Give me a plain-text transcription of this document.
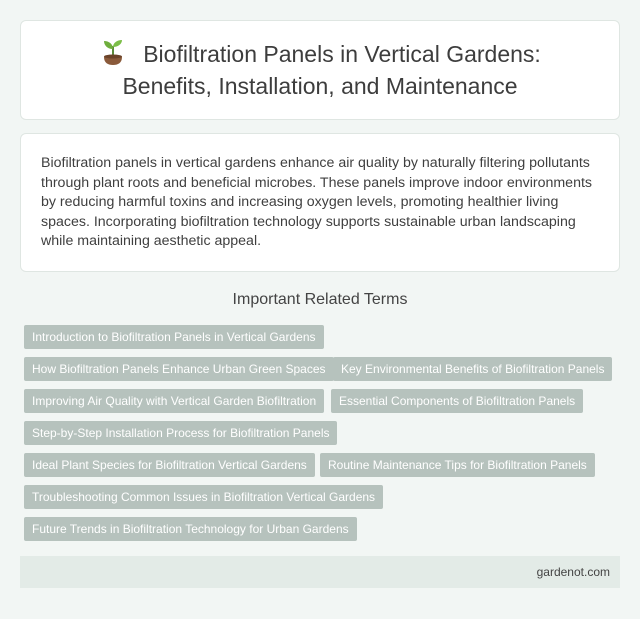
Biofiltration Panels in Vertical Gardens:
Benefits, Installation, and Maintenance

Biofiltration panels in vertical gardens enhance air quality by naturally filtering pollutants through plant roots and beneficial microbes. These panels improve indoor environments by reducing harmful toxins and increasing oxygen levels, promoting healthier living spaces. Incorporating biofiltration technology supports sustainable urban landscaping while maintaining aesthetic appeal.

Important Related Terms
Introduction to Biofiltration Panels in Vertical Gardens
How Biofiltration Panels Enhance Urban Green Spaces	Key Environmental Benefits of Biofiltration Panels
Improving Air Quality with Vertical Garden Biofiltration	Essential Components of Biofiltration Panels
Step-by-Step Installation Process for Biofiltration Panels
Ideal Plant Species for Biofiltration Vertical Gardens	Routine Maintenance Tips for Biofiltration Panels
Troubleshooting Common Issues in Biofiltration Vertical Gardens
Future Trends in Biofiltration Technology for Urban Gardens
gardenot.com
